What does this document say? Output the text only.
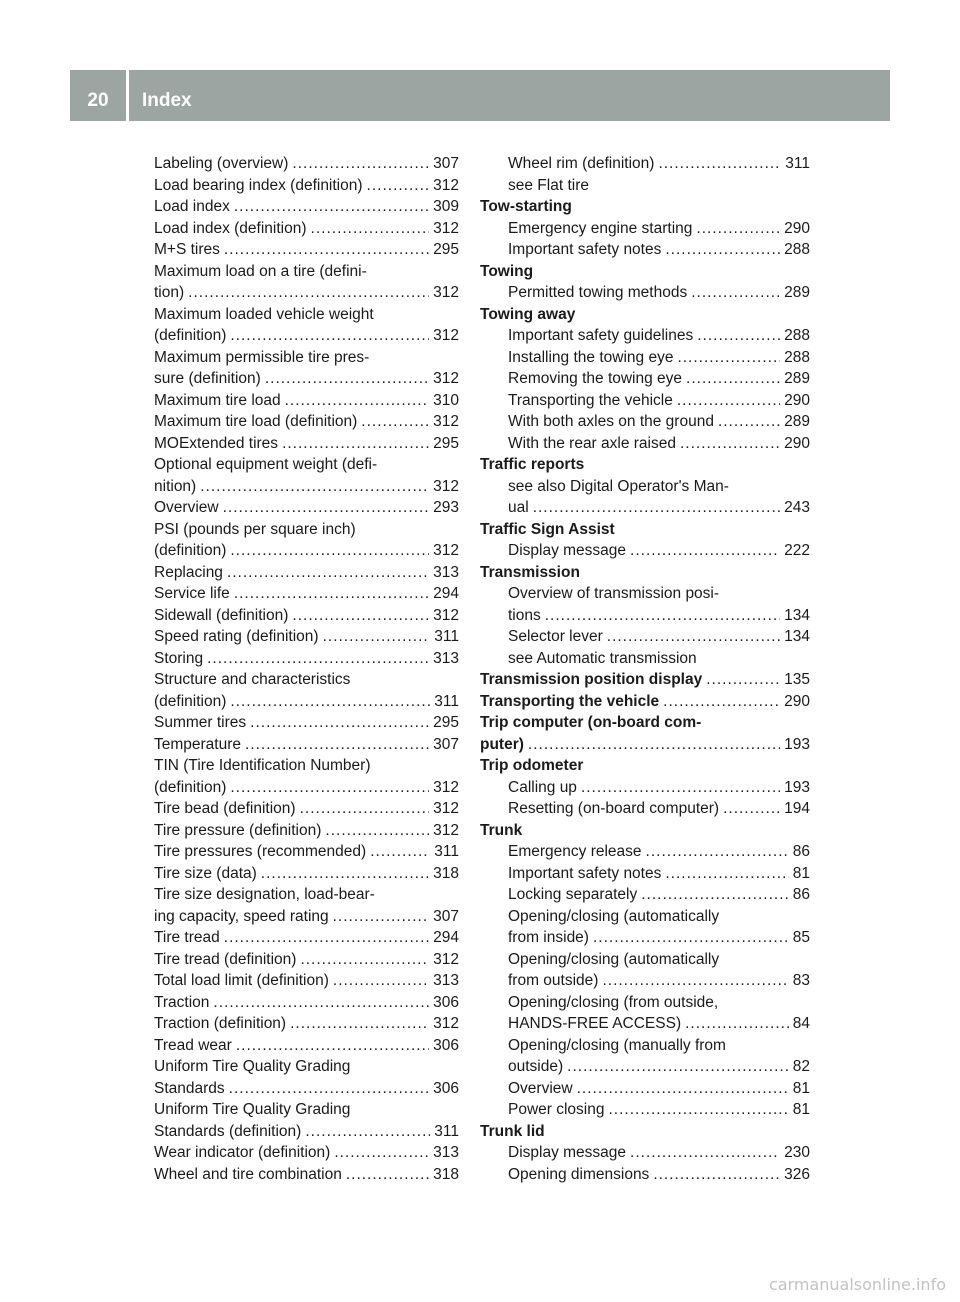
20	Index
Labeling (overview) .....	307
Load bearing index (definition) .....	312
Load index .....	309
Load index (definition) .....	312
M+S tires .....	295
Maximum load on a tire (defini-
tion) .....	312
Maximum loaded vehicle weight
(definition) .....	312
Maximum permissible tire pres-
sure (definition) .....	312
Maximum tire load .....	310
Maximum tire load (definition) .....	312
MOExtended tires .....	295
Optional equipment weight (defi-
nition) .....	312
Overview .....	293
PSI (pounds per square inch)
(definition) .....	312
Replacing .....	313
Service life .....	294
Sidewall (definition) .....	312
Speed rating (definition) .....	311
Storing .....	313
Structure and characteristics
(definition) .....	311
Summer tires .....	295
Temperature .....	307
TIN (Tire Identification Number)
(definition) .....	312
Tire bead (definition) .....	312
Tire pressure (definition) .....	312
Tire pressures (recommended) .....	311
Tire size (data) .....	318
Tire size designation, load-bear-
ing capacity, speed rating .....	307
Tire tread .....	294
Tire tread (definition) .....	312
Total load limit (definition) .....	313
Traction .....	306
Traction (definition) .....	312
Tread wear .....	306
Uniform Tire Quality Grading
Standards .....	306
Uniform Tire Quality Grading
Standards (definition) .....	311
Wear indicator (definition) .....	313
Wheel and tire combination .....	318
Wheel rim (definition) .....	311
see Flat tire
Tow-starting
Emergency engine starting .....	290
Important safety notes .....	288
Towing
Permitted towing methods .....	289
Towing away
Important safety guidelines .....	288
Installing the towing eye .....	288
Removing the towing eye .....	289
Transporting the vehicle .....	290
With both axles on the ground .....	289
With the rear axle raised .....	290
Traffic reports
see also Digital Operator's Man-
ual .....	243
Traffic Sign Assist
Display message .....	222
Transmission
Overview of transmission posi-
tions .....	134
Selector lever .....	134
see Automatic transmission
Transmission position display .....	135
Transporting the vehicle .....	290
Trip computer (on-board com-
puter) .....	193
Trip odometer
Calling up .....	193
Resetting (on-board computer) .....	194
Trunk
Emergency release .....	86
Important safety notes .....	81
Locking separately .....	86
Opening/closing (automatically
from inside) .....	85
Opening/closing (automatically
from outside) .....	83
Opening/closing (from outside,
HANDS-FREE ACCESS) .....	84
Opening/closing (manually from
outside) .....	82
Overview .....	81
Power closing .....	81
Trunk lid
Display message .....	230
Opening dimensions .....	326
carmanualsonline.info
